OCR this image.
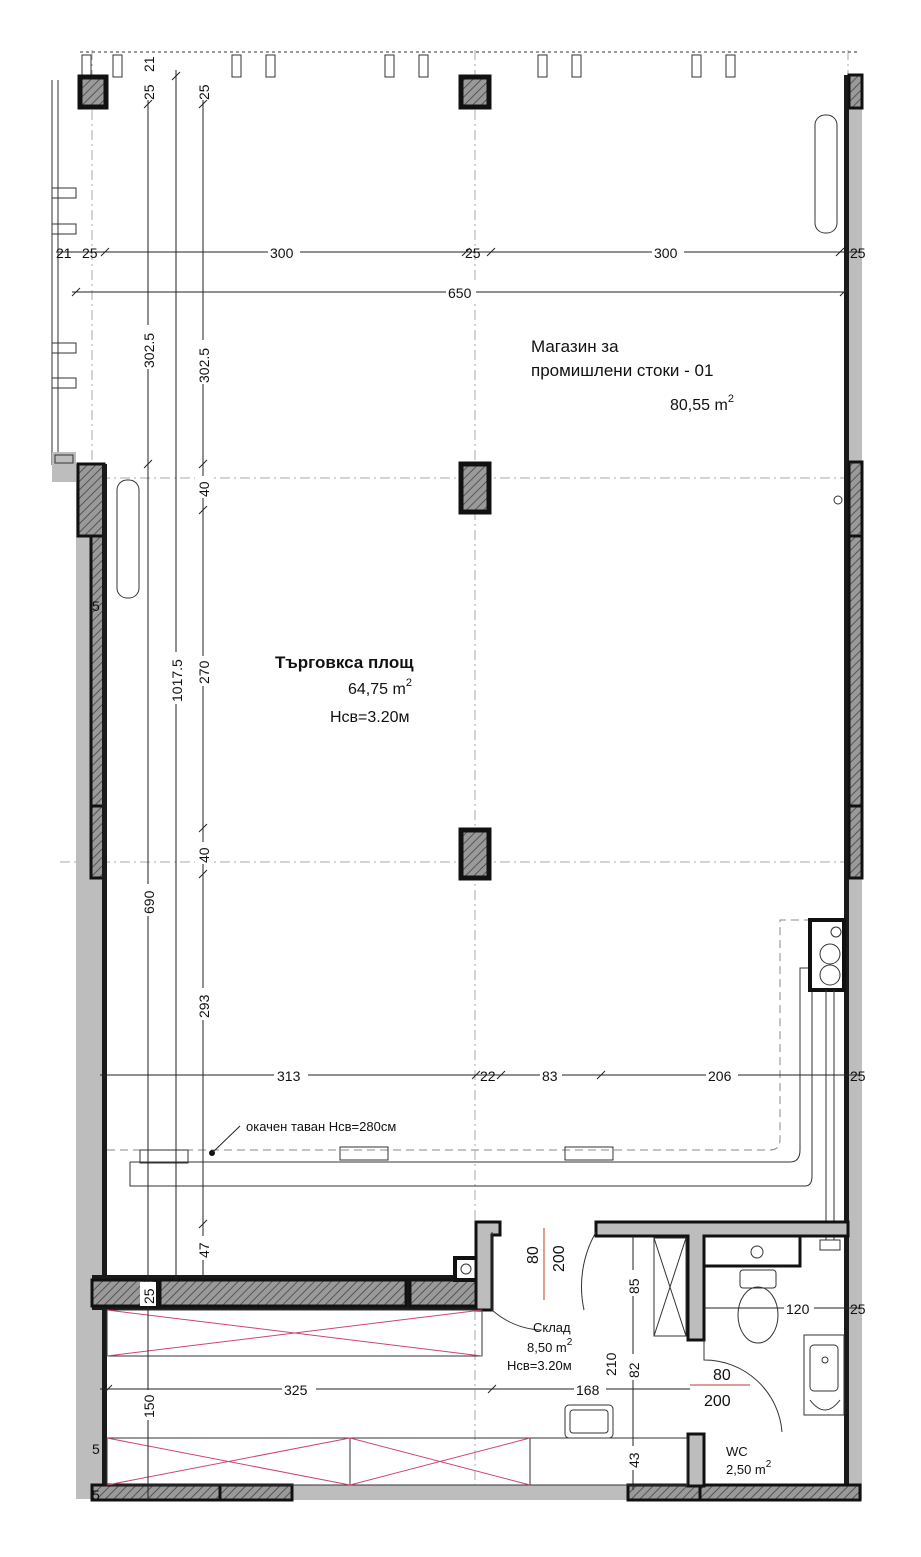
Магазин за
промишлени стоки - 01
80,55 $m^2$
Търговкса площ
64,75 $m^2$
Нсв=3.20м
окачен таван Нсв=280см
Склад
8,50 $m^2$
Нсв=3.20м
WC
2,50 $m^2$
21 25	300	25	300	25
650
313	22	83	206	25
325	168
120	25
80
200
25
21
25
302.5	302.5
40
270
1017.5
40
690
293
47
25
150
5
5
5
80 200
85
210 82
43
